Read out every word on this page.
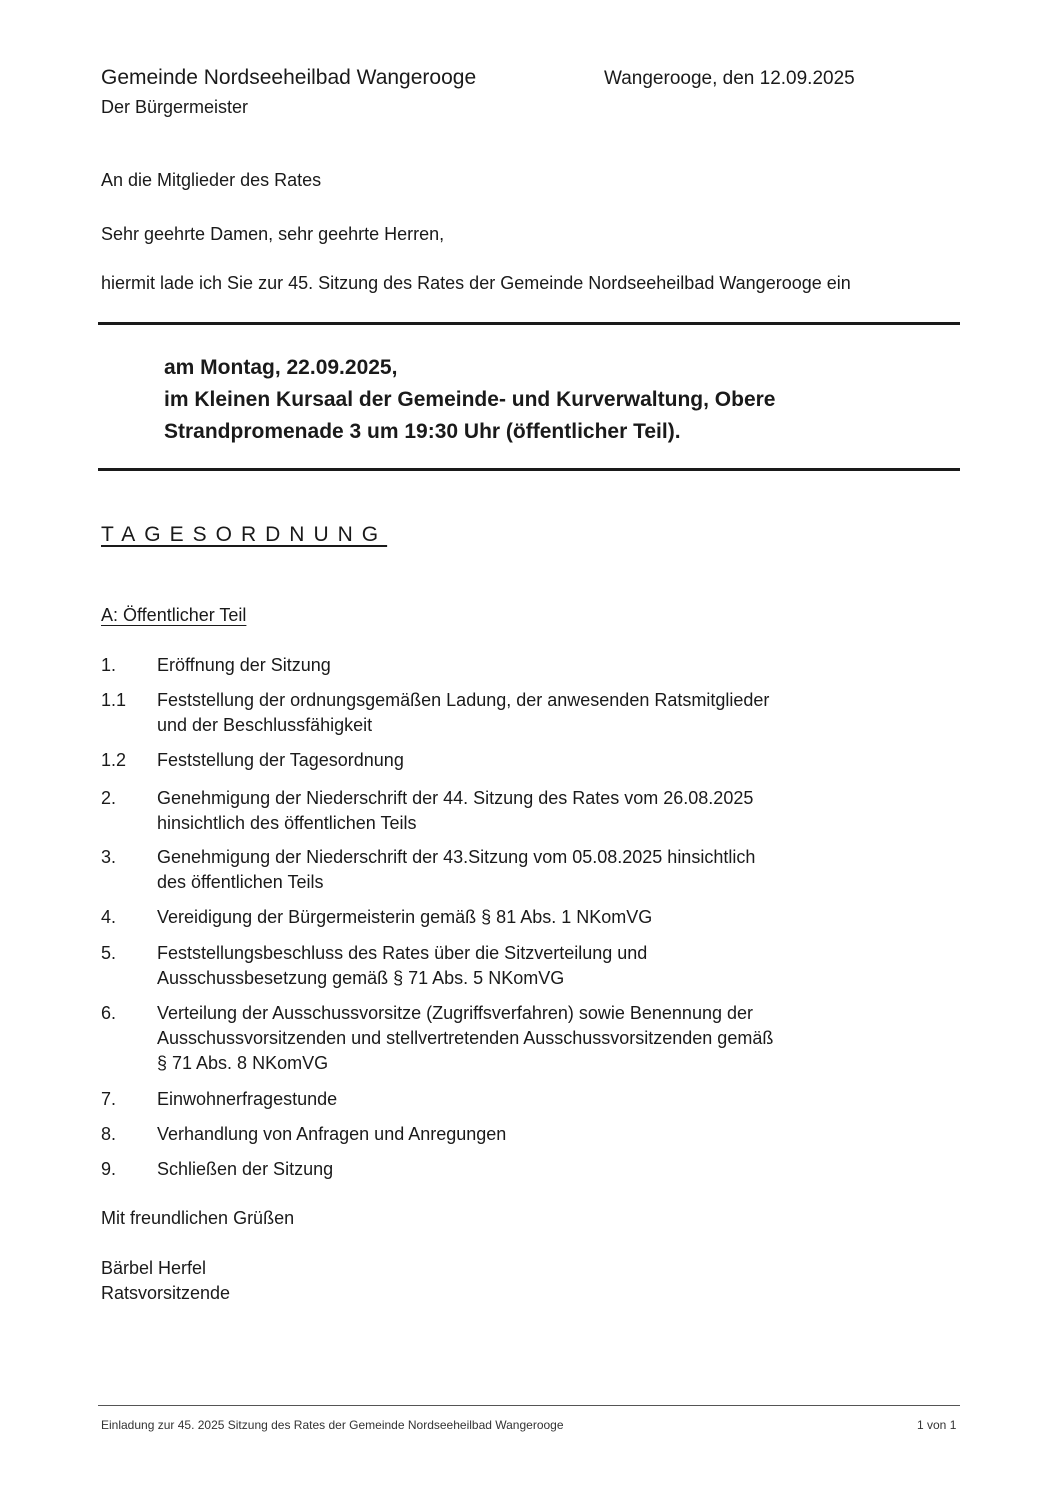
Gemeinde Nordseeheilbad Wangerooge
Der Bürgermeister
Wangerooge, den 12.09.2025
An die Mitglieder des Rates
Sehr geehrte Damen, sehr geehrte Herren,
hiermit lade ich Sie zur 45. Sitzung des Rates der Gemeinde Nordseeheilbad Wangerooge ein
am Montag, 22.09.2025,
im Kleinen Kursaal der Gemeinde- und Kurverwaltung, Obere
Strandpromenade 3 um 19:30 Uhr (öffentlicher Teil).
TAGESORDNUNG
A: Öffentlicher Teil
1. Eröffnung der Sitzung
1.1 Feststellung der ordnungsgemäßen Ladung, der anwesenden Ratsmitglieder
und der Beschlussfähigkeit
1.2 Feststellung der Tagesordnung
2. Genehmigung der Niederschrift der 44. Sitzung des Rates vom 26.08.2025
hinsichtlich des öffentlichen Teils
3. Genehmigung der Niederschrift der 43.Sitzung vom 05.08.2025 hinsichtlich
des öffentlichen Teils
4. Vereidigung der Bürgermeisterin gemäß § 81 Abs. 1 NKomVG
5. Feststellungsbeschluss des Rates über die Sitzverteilung und
Ausschussbesetzung gemäß § 71 Abs. 5 NKomVG
6. Verteilung der Ausschussvorsitze (Zugriffsverfahren) sowie Benennung der
Ausschussvorsitzenden und stellvertretenden Ausschussvorsitzenden gemäß
§ 71 Abs. 8 NKomVG
7. Einwohnerfragestunde
8. Verhandlung von Anfragen und Anregungen
9. Schließen der Sitzung
Mit freundlichen Grüßen
Bärbel Herfel
Ratsvorsitzende
Einladung zur 45. 2025 Sitzung des Rates der Gemeinde Nordseeheilbad Wangerooge	1 von 1
